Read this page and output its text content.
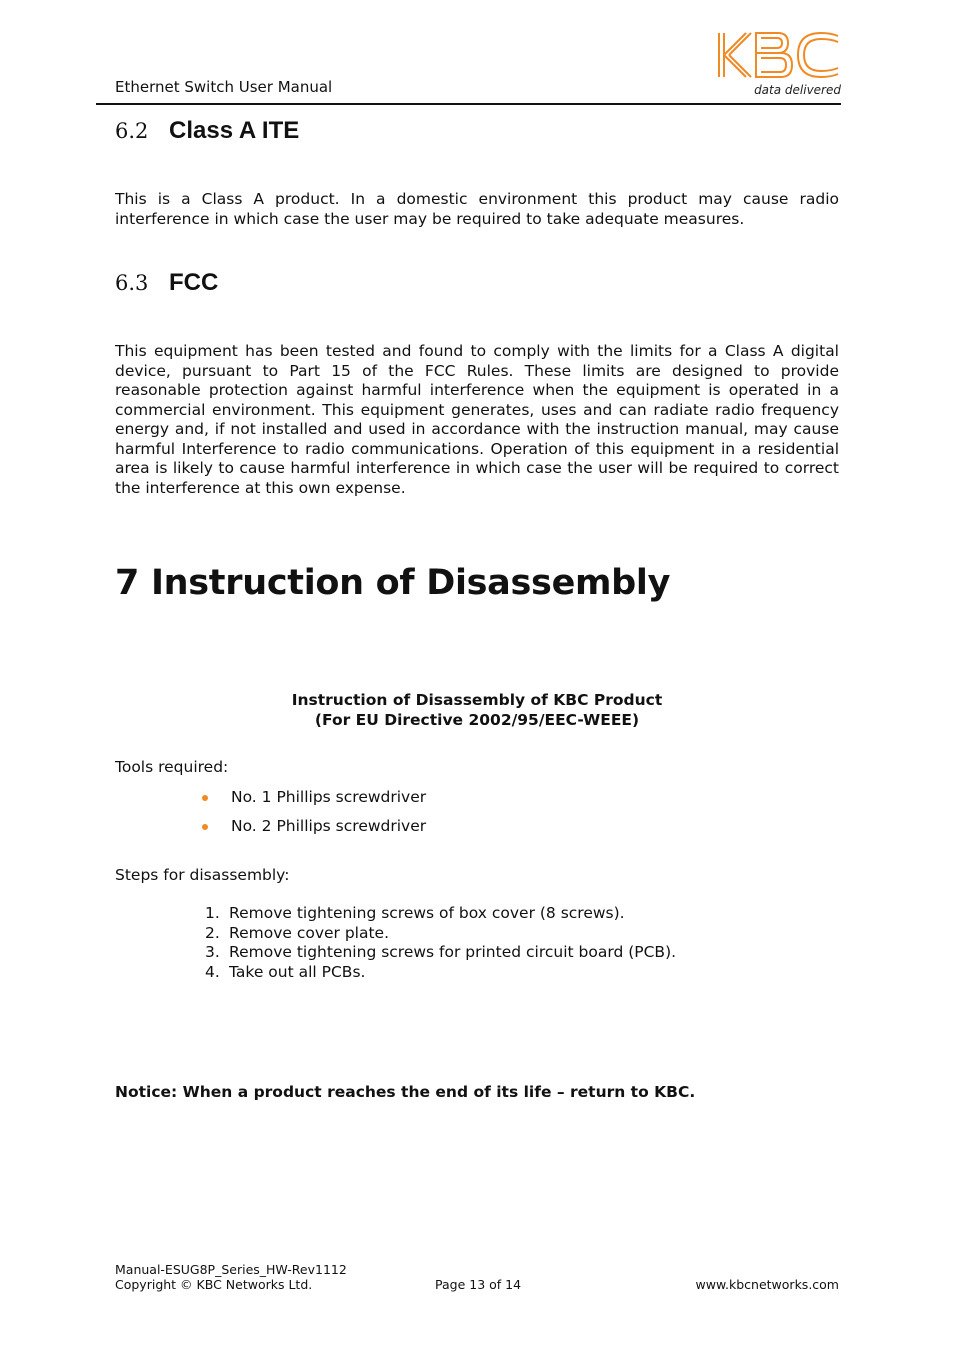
Ethernet Switch User Manual	data delivered
6.2 Class A ITE

This is a Class A product. In a domestic environment this product may cause radio interference in which case the user may be required to take adequate measures.

6.3 FCC

This equipment has been tested and found to comply with the limits for a Class A digital device, pursuant to Part 15 of the FCC Rules. These limits are designed to provide reasonable protection against harmful interference when the equipment is operated in a commercial environment. This equipment generates, uses and can radiate radio frequency energy and, if not installed and used in accordance with the instruction manual, may cause harmful Interference to radio communications. Operation of this equipment in a residential area is likely to cause harmful interference in which case the user will be required to correct the interference at this own expense.

7 Instruction of Disassembly
Instruction of Disassembly of KBC Product
(For EU Directive 2002/95/EEC-WEEE)
Tools required:
No. 1 Phillips screwdriver
No. 2 Phillips screwdriver
Steps for disassembly:
1. Remove tightening screws of box cover (8 screws).
2. Remove cover plate.
3. Remove tightening screws for printed circuit board (PCB).
4. Take out all PCBs.
Notice: When a product reaches the end of its life – return to KBC.
Manual-ESUG8P_Series_HW-Rev1112
Copyright © KBC Networks Ltd.	Page 13 of 14	www.kbcnetworks.com
